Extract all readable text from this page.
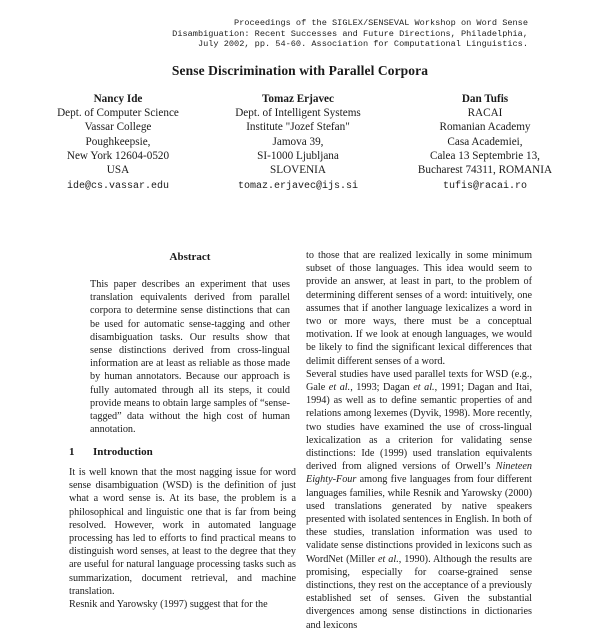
Proceedings of the SIGLEX/SENSEVAL Workshop on Word Sense
Disambiguation: Recent Successes and Future Directions, Philadelphia,
July 2002, pp. 54-60. Association for Computational Linguistics.
Sense Discrimination with Parallel Corpora
Nancy Ide
Dept. of Computer Science
Vassar College
Poughkeepsie,
New York 12604-0520
USA
ide@cs.vassar.edu
Tomaz Erjavec
Dept. of Intelligent Systems
Institute "Jozef Stefan"
Jamova 39,
SI-1000 Ljubljana
SLOVENIA
tomaz.erjavec@ijs.si
Dan Tufis
RACAI
Romanian Academy
Casa Academiei,
Calea 13 Septembrie 13,
Bucharest 74311, ROMANIA
tufis@racai.ro
Abstract
This paper describes an experiment that uses translation equivalents derived from parallel corpora to determine sense distinctions that can be used for automatic sense-tagging and other disambiguation tasks. Our results show that sense distinctions derived from cross-lingual information are at least as reliable as those made by human annotators. Because our approach is fully automated through all its steps, it could provide means to obtain large samples of “sense-tagged” data without the high cost of human annotation.
1 Introduction

It is well known that the most nagging issue for word sense disambiguation (WSD) is the definition of just what a word sense is. At its base, the problem is a philosophical and linguistic one that is far from being resolved. However, work in automated language processing has led to efforts to find practical means to distinguish word senses, at least to the degree that they are useful for natural language processing tasks such as summarization, document retrieval, and machine translation.

Resnik and Yarowsky (1997) suggest that for the

to those that are realized lexically in some minimum subset of those languages. This idea would seem to provide an answer, at least in part, to the problem of determining different senses of a word: intuitively, one assumes that if another language lexicalizes a word in two or more ways, there must be a conceptual motivation. If we look at enough languages, we would be likely to find the significant lexical differences that delimit different senses of a word.

Several studies have used parallel texts for WSD (e.g., Gale et al., 1993; Dagan et al., 1991; Dagan and Itai, 1994) as well as to define semantic properties of and relations among lexemes (Dyvik, 1998). More recently, two studies have examined the use of cross-lingual lexicalization as a criterion for validating sense distinctions: Ide (1999) used translation equivalents derived from aligned versions of Orwell’s Nineteen Eighty-Four among five languages from four different languages families, while Resnik and Yarowsky (2000) used translations generated by native speakers presented with isolated sentences in English. In both of these studies, translation information was used to validate sense distinctions provided in lexicons such as WordNet (Miller et al., 1990). Although the results are promising, especially for coarse-grained sense distinctions, they rest on the acceptance of a previously established set of senses. Given the substantial divergences among sense distinctions in dictionaries and lexicons
